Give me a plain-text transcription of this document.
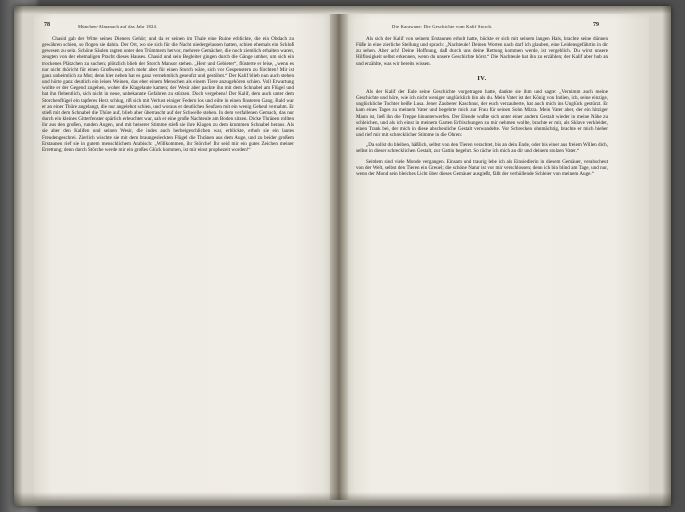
78	München-Almanach auf das Jahr 1824.

Chasid gab der Witte seines Dieners Gehör; und da er seinen im Thale eine Ruine erblickte, die ein Obdach zu gewähren schien, so flogen sie dahin. Der Ort, wo sie sich für die Nacht niedergelassen hatten, schien ehemals ein Schloß gewesen zu sein. Schöne Säulen ragten unter den Trümmern hervor, mehrere Gemächer, die noch ziemlich erhalten waren, zeugten von der ehemaligen Pracht dieses Hauses. Chasid und sein Begleiter gingen durch die Gänge umher, um sich ein trockenes Plätzchen zu suchen; plötzlich blieb der Storch Mansor stehen. „Herr und Gebieter“, flüsterte er leise, „wenn es nur nicht thöricht für einen Großwesir, noch mehr aber für einen Storch wäre, sich vor Gespenstern zu fürchten! Mir ist ganz unheimlich zu Mut; denn hier neben hat es ganz vernehmlich geseufzt und gestöhnt.“ Der Kalif blieb nun auch stehen und hörte ganz deutlich ein leises Weinen, das eher einem Menschen als einem Tiere anzugehören schien. Voll Erwartung wollte er der Gegend zugehen, woher die Klagelaute kamen; der Wesir aber packte ihn mit dem Schnabel am Flügel und bat ihn flehentlich, sich nicht in neue, unbekannte Gefahren zu stürzen. Doch vergebens! Der Kalif, dem auch unter dem Storchenflügel ein tapferes Herz schlug, riß sich mit Verlust einiger Federn los und eilte in einen finsteren Gang. Bald war er an einer Thüre angelangt, die nur angelehnt schien, und woraus er deutliches Seufzen mit ein wenig Geheul vernahm. Er stieß mit dem Schnabel die Thüre auf, blieb aber überrascht auf der Schwelle stehen. In dem verfallenen Gemach, das nur durch ein kleines Gitterfenster spärlich erleuchtet war, sah er eine große Nachteule am Boden sitzen. Dicke Thränen rollten ihr aus den großen, runden Augen, und mit heiserer Stimme stieß sie ihre Klagen zu dem krummen Schnabel heraus. Als sie aber den Kalifen und seinen Wesir, die indes auch herbeigeschlichen war, erblickte, erhob sie ein lautes Freudengeschrei. Zierlich wischte sie mit dem braungesleckten Flügel die Thränen aus dem Auge, und zu beider großem Erstaunen rief sie in gutem menschlichem Arabisch: „Willkommen, ihr Störche! Ihr seid mir ein gutes Zeichen meiner Errettung; denn durch Störche werde mir ein großes Glück kommen, ist mir einst prophezeit worden!“

79
Die Karawane: Die Geschichte vom Kalif Storch.

Als sich der Kalif von seinem Erstaunen erholt hatte, bückte er sich mit seinem langen Hals, brachte seine dünnen Füße in eine zierliche Stellung und sprach: „Nachteule! Deinen Worten nach darf ich glauben, eine Leidensgefährtin in dir zu sehen. Aber ach! Deine Hoffnung, daß durch uns deine Rettung kommen werde, ist vergeblich. Du wirst unsere Hilflosigkeit selbst erkennen, wenn du unsere Geschichte hörst.“ Die Nachteule bat ihn zu erzählen; der Kalif aber hub an und erzählte, was wir bereits wissen.

IV.

Als der Kalif der Eule seine Geschichte vorgetragen hatte, dankte sie ihm und sagte: „Vernimm auch meine Geschichte und höre, wie ich nicht weniger unglücklich bin als du. Mein Vater ist der König von Indien, ich, seine einzige, unglückliche Tochter heiße Lusa. Jener Zauberer Kaschnur, der euch verzauberte, hat auch mich ins Unglück gestürzt. Er kam eines Tages zu meinem Vater und begehrte mich zur Frau für seinen Sohn Mizra. Mein Vater aber, der ein hitziger Mann ist, ließ ihn die Treppe hinunterwerfen. Der Elende wußte sich unter einer andern Gestalt wieder in meine Nähe zu schleichen, und als ich einst in meinem Garten Erfrischungen zu mir nehmen wollte, brachte er mir, als Sklave verkleidet, einen Trank bei, der mich in diese abscheuliche Gestalt verwandelte. Vor Schrecken ohnmächtig, brachte er mich hieher und rief mir mit schrecklicher Stimme in die Ohren:

„Da sollst du bleiben, häßlich, selbst von den Tieren verachtet, bis an dein Ende, oder bis einer aus freiem Willen dich, selbst in dieser schrecklichen Gestalt, zur Gattin begehrt. So räche ich mich an dir und deinem stolzen Vater.“

Seitdem sind viele Monde vergangen. Einsam und traurig lebe ich als Einsiedlerin in diesem Gemäuer, verabscheut von der Welt, selbst den Tieren ein Greuel; die schöne Natur ist vor mir verschlossen; denn ich bin blind am Tage, und nur, wenn der Mond sein bleiches Licht über dieses Gemäuer ausgießt, fällt der verhüllende Schleier von meinem Auge.“
